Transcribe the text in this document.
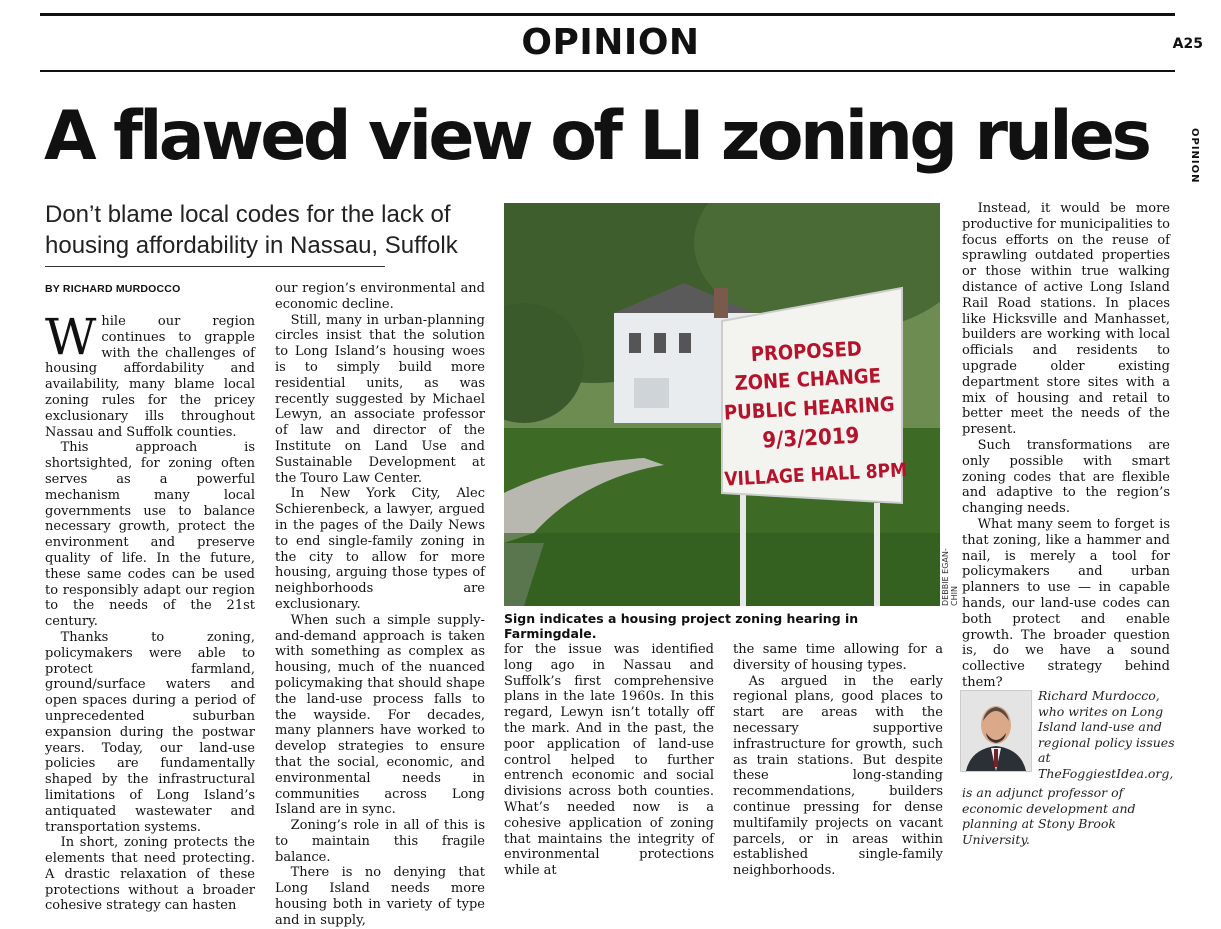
OPINION	A25
OPINION
A flawed view of LI zoning rules
Don’t blame local codes for the lack of housing affordability in Nassau, Suffolk
BY RICHARD MURDOCCO

While our region continues to grapple with the challenges of housing affordability and availability, many blame local zoning rules for the pricey exclusionary ills throughout Nassau and Suffolk counties.

This approach is shortsighted, for zoning often serves as a powerful mechanism many local governments use to balance necessary growth, protect the environment and preserve quality of life. In the future, these same codes can be used to responsibly adapt our region to the needs of the 21st century.

Thanks to zoning, policymakers were able to protect farmland, ground/surface waters and open spaces during a period of unprecedented suburban expansion during the postwar years. Today, our land-use policies are fundamentally shaped by the infrastructural limitations of Long Island’s antiquated wastewater and transportation systems.

In short, zoning protects the elements that need protecting. A drastic relaxation of these protections without a broader cohesive strategy can hasten

our region’s environmental and economic decline.

Still, many in urban-planning circles insist that the solution to Long Island’s housing woes is to simply build more residential units, as was recently suggested by Michael Lewyn, an associate professor of law and director of the Institute on Land Use and Sustainable Development at the Touro Law Center.

In New York City, Alec Schierenbeck, a lawyer, argued in the pages of the Daily News to end single-family zoning in the city to allow for more housing, arguing those types of neighborhoods are exclusionary.

When such a simple supply-and-demand approach is taken with something as complex as housing, much of the nuanced policymaking that should shape the land-use process falls to the wayside. For decades, many planners have worked to develop strategies to ensure that the social, economic, and environmental needs in communities across Long Island are in sync.

Zoning’s role in all of this is to maintain this fragile balance.

There is no denying that Long Island needs more housing both in variety of type and in supply,

PROPOSED
ZONE CHANGE
PUBLIC HEARING
9/3/2019
VILLAGE HALL 8PM
DEBBIE EGAN-CHIN
Sign indicates a housing project zoning hearing in Farmingdale.

for the issue was identified long ago in Nassau and Suffolk’s first comprehensive plans in the late 1960s. In this regard, Lewyn isn’t totally off the mark. And in the past, the poor application of land-use control helped to further entrench economic and social divisions across both counties. What’s needed now is a cohesive application of zoning that maintains the integrity of environmental protections while at

the same time allowing for a diversity of housing types.

As argued in the early regional plans, good places to start are areas with the necessary supportive infrastructure for growth, such as train stations. But despite these long-standing recommendations, builders continue pressing for dense multifamily projects on vacant parcels, or in areas within established single-family neighborhoods.

Instead, it would be more productive for municipalities to focus efforts on the reuse of sprawling outdated properties or those within true walking distance of active Long Island Rail Road stations. In places like Hicksville and Manhasset, builders are working with local officials and residents to upgrade older existing department store sites with a mix of housing and retail to better meet the needs of the present.

Such transformations are only possible with smart zoning codes that are flexible and adaptive to the region’s changing needs.

What many seem to forget is that zoning, like a hammer and nail, is merely a tool for policymakers and urban planners to use — in capable hands, our land-use codes can both protect and enable growth. The broader question is, do we have a sound collective strategy behind them?

Richard Murdocco, who writes on Long Island land-use and regional policy issues at TheFoggiestIdea.org,

is an adjunct professor of economic development and planning at Stony Brook University.
